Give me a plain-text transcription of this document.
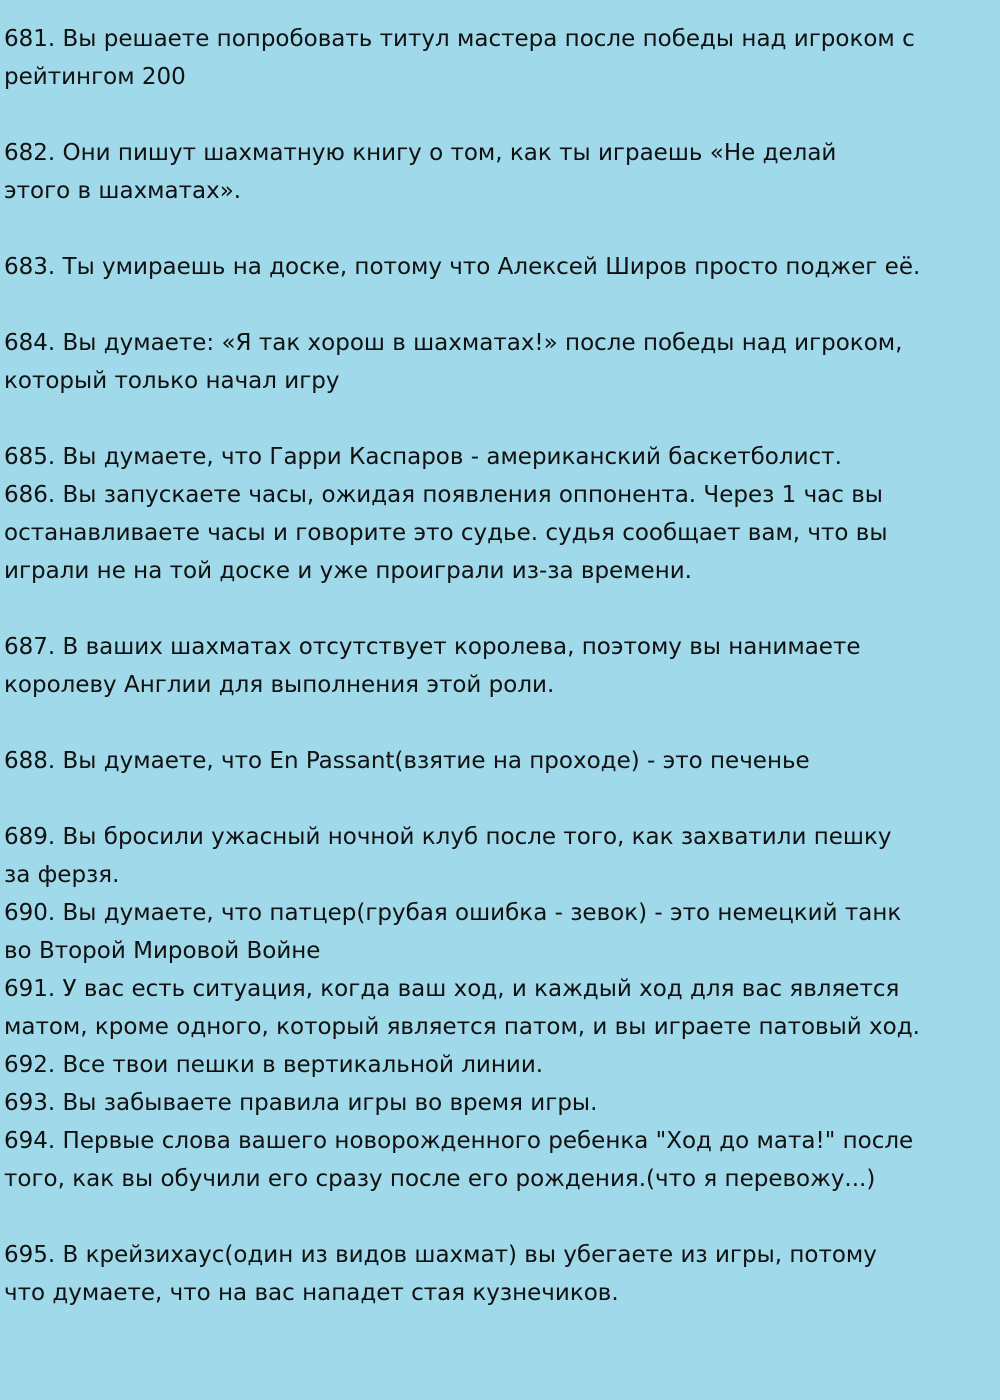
681. Вы решаете попробовать титул мастера после победы над игроком с
рейтингом 200
682. Они пишут шахматную книгу о том, как ты играешь «Не делай
этого в шахматах».
683. Ты умираешь на доске, потому что Алексей Широв просто поджег её.
684. Вы думаете: «Я так хорош в шахматах!» после победы над игроком,
который только начал игру
685. Вы думаете, что Гарри Каспаров - американский баскетболист.
686. Вы запускаете часы, ожидая появления оппонента. Через 1 час вы
останавливаете часы и говорите это судье. судья сообщает вам, что вы
играли не на той доске и уже проиграли из-за времени.
687. В ваших шахматах отсутствует королева, поэтому вы нанимаете
королеву Англии для выполнения этой роли.
688. Вы думаете, что En Passant(взятие на проходе) - это печенье
689. Вы бросили ужасный ночной клуб после того, как захватили пешку
за ферзя.
690. Вы думаете, что патцер(грубая ошибка - зевок) - это немецкий танк
во Второй Мировой Войне
691. У вас есть ситуация, когда ваш ход, и каждый ход для вас является
матом, кроме одного, который является патом, и вы играете патовый ход.
692. Все твои пешки в вертикальной линии.
693. Вы забываете правила игры во время игры.
694. Первые слова вашего новорожденного ребенка "Ход до мата!" после
того, как вы обучили его сразу после его рождения.(что я перевожу...)
695. В крейзихаус(один из видов шахмат) вы убегаете из игры, потому
что думаете, что на вас нападет стая кузнечиков.
